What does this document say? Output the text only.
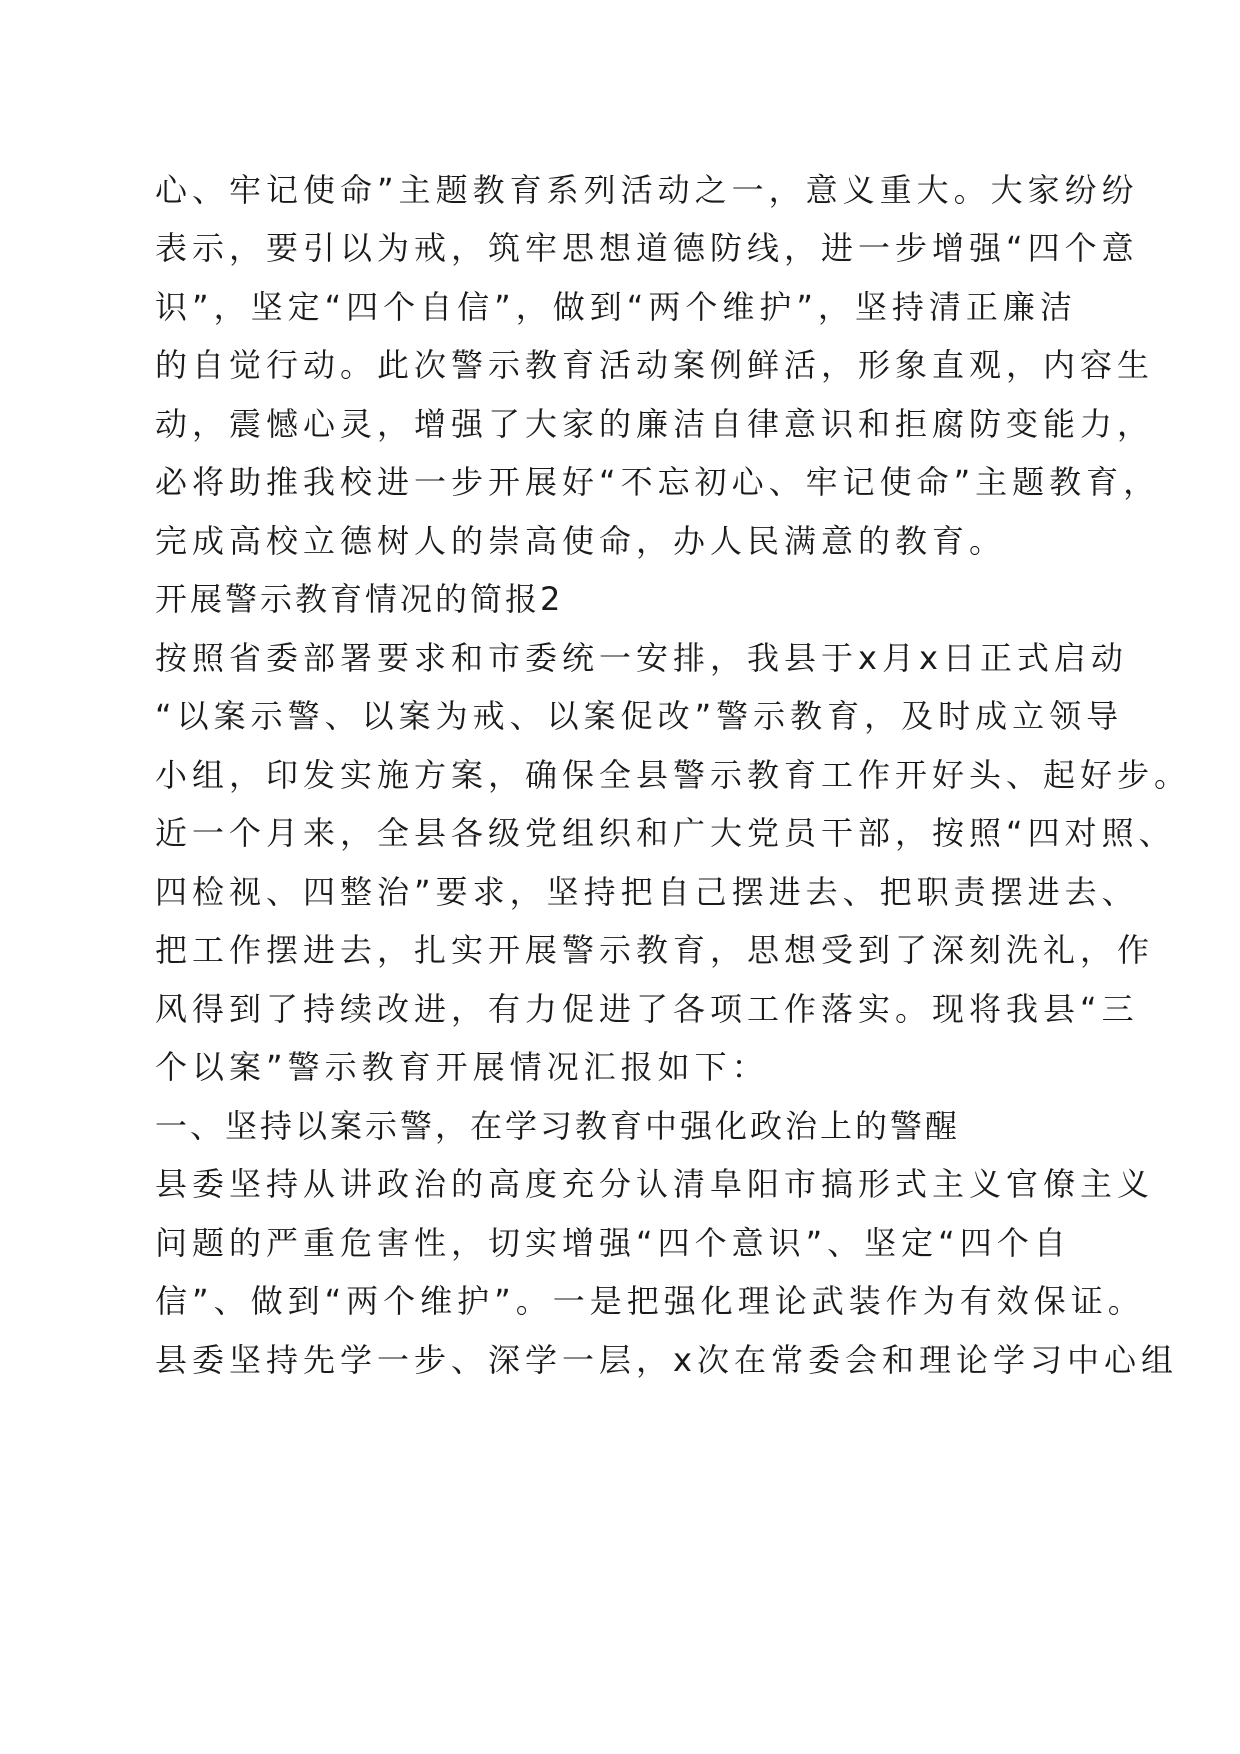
心、牢记使命”主题教育系列活动之一，意义重大。大家纷纷
表示，要引以为戒，筑牢思想道德防线，进一步增强“四个意
识”，坚定“四个自信”，做到“两个维护”，坚持清正廉洁
的自觉行动。此次警示教育活动案例鲜活，形象直观，内容生
动，震憾心灵，增强了大家的廉洁自律意识和拒腐防变能力，
必将助推我校进一步开展好“不忘初心、牢记使命”主题教育，
完成高校立德树人的崇高使命，办人民满意的教育。
开展警示教育情况的简报2
按照省委部署要求和市委统一安排，我县于x月x日正式启动
“以案示警、以案为戒、以案促改”警示教育，及时成立领导
小组，印发实施方案，确保全县警示教育工作开好头、起好步。
近一个月来，全县各级党组织和广大党员干部，按照“四对照、
四检视、四整治”要求，坚持把自己摆进去、把职责摆进去、
把工作摆进去，扎实开展警示教育，思想受到了深刻洗礼，作
风得到了持续改进，有力促进了各项工作落实。现将我县“三
个以案”警示教育开展情况汇报如下：
一、坚持以案示警，在学习教育中强化政治上的警醒
县委坚持从讲政治的高度充分认清阜阳市搞形式主义官僚主义
问题的严重危害性，切实增强“四个意识”、坚定“四个自
信”、做到“两个维护”。一是把强化理论武装作为有效保证。
县委坚持先学一步、深学一层，x次在常委会和理论学习中心组
